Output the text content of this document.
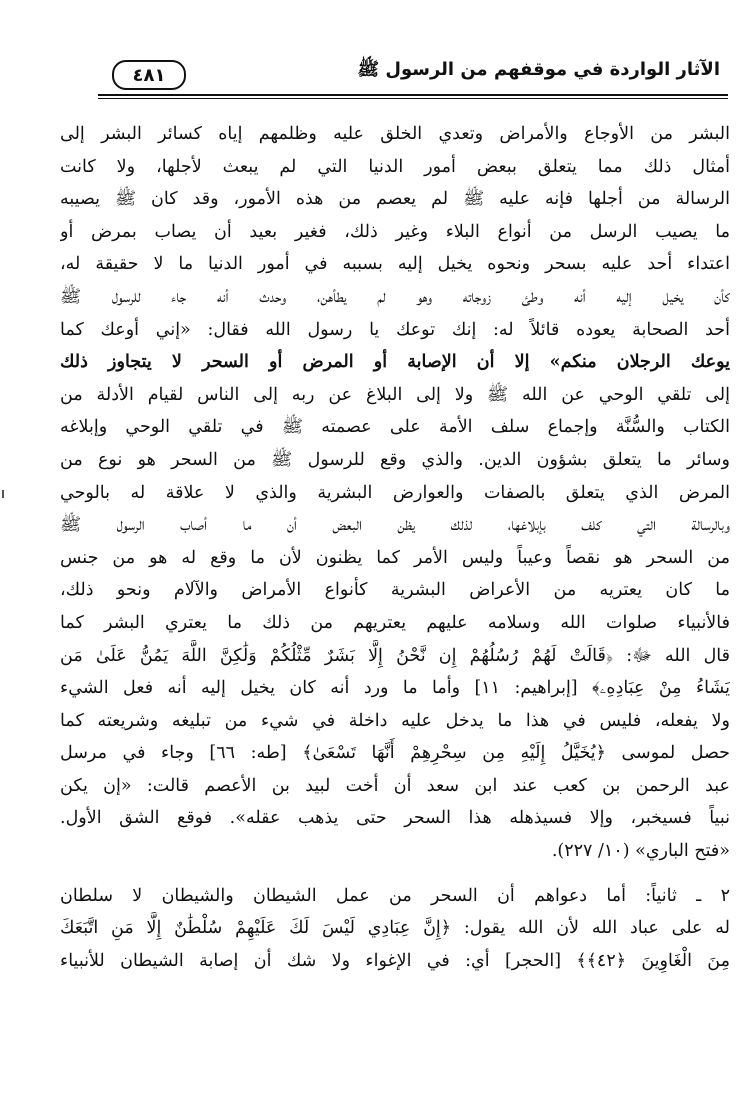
الآثار الواردة في موقفهم من الرسول ﷺ
٤٨١

البشر من الأوجاع والأمراض وتعدي الخلق عليه وظلمهم إياه كسائر البشر إلى
أمثال ذلك مما يتعلق ببعض أمور الدنيا التي لم يبعث لأجلها، ولا كانت
الرسالة من أجلها فإنه عليه ﷺ لم يعصم من هذه الأمور، وقد كان ﷺ يصيبه
ما يصيب الرسل من أنواع البلاء وغير ذلك، فغير بعيد أن يصاب بمرض أو
اعتداء أحد عليه بسحر ونحوه يخيل إليه بسببه في أمور الدنيا ما لا حقيقة له،
كأن يخيل إليه أنه وطئ زوجاته وهو لم يطأهن، وحدث أنه جاء للرسول ﷺ
أحد الصحابة يعوده قائلاً له: إنك توعك يا رسول الله فقال: «إني أوعك كما
يوعك الرجلان منكم» إلا أن الإصابة أو المرض أو السحر لا يتجاوز ذلك
إلى تلقي الوحي عن الله ﷺ ولا إلى البلاغ عن ربه إلى الناس لقيام الأدلة من
الكتاب والسُّنَّة وإجماع سلف الأمة على عصمته ﷺ في تلقي الوحي وإبلاغه
وسائر ما يتعلق بشؤون الدين. والذي وقع للرسول ﷺ من السحر هو نوع من
المرض الذي يتعلق بالصفات والعوارض البشرية والذي لا علاقة له بالوحي
وبالرسالة التي كلف بإبلاغها، لذلك يظن البعض أن ما أصاب الرسول ﷺ
من السحر هو نقصاً وعيباً وليس الأمر كما يظنون لأن ما وقع له هو من جنس
ما كان يعتريه من الأعراض البشرية كأنواع الأمراض والآلام ونحو ذلك،
فالأنبياء صلوات الله وسلامه عليهم يعتريهم من ذلك ما يعتري البشر كما
قال الله ﷻ: ﴿قَالَتْ لَهُمْ رُسُلُهُمْ إِن نَّحْنُ إِلَّا بَشَرٌ مِّثْلُكُمْ وَلَٰكِنَّ اللَّهَ يَمُنُّ عَلَىٰ مَن
يَشَاءُ مِنْ عِبَادِهِۦ﴾ [إبراهيم: ١١] وأما ما ورد أنه كان يخيل إليه أنه فعل الشيء
ولا يفعله، فليس في هذا ما يدخل عليه داخلة في شيء من تبليغه وشريعته كما
حصل لموسى ﴿يُخَيَّلُ إِلَيْهِ مِن سِحْرِهِمْ أَنَّهَا تَسْعَىٰ﴾ [طه: ٦٦] وجاء في مرسل
عبد الرحمن بن كعب عند ابن سعد أن أخت لبيد بن الأعصم قالت: «إن يكن
نبياً فسيخبر، وإلا فسيذهله هذا السحر حتى يذهب عقله». فوقع الشق الأول.
«فتح الباري» (١٠/ ٢٢٧).

٢ ـ ثانياً: أما دعواهم أن السحر من عمل الشيطان والشيطان لا سلطان
له على عباد الله لأن الله يقول: ﴿إِنَّ عِبَادِي لَيْسَ لَكَ عَلَيْهِمْ سُلْطَٰنٌ إِلَّا مَنِ اتَّبَعَكَ
مِنَ الْغَاوِينَ ﴿٤٢﴾﴾ [الحجر] أي: في الإغواء ولا شك أن إصابة الشيطان للأنبياء
